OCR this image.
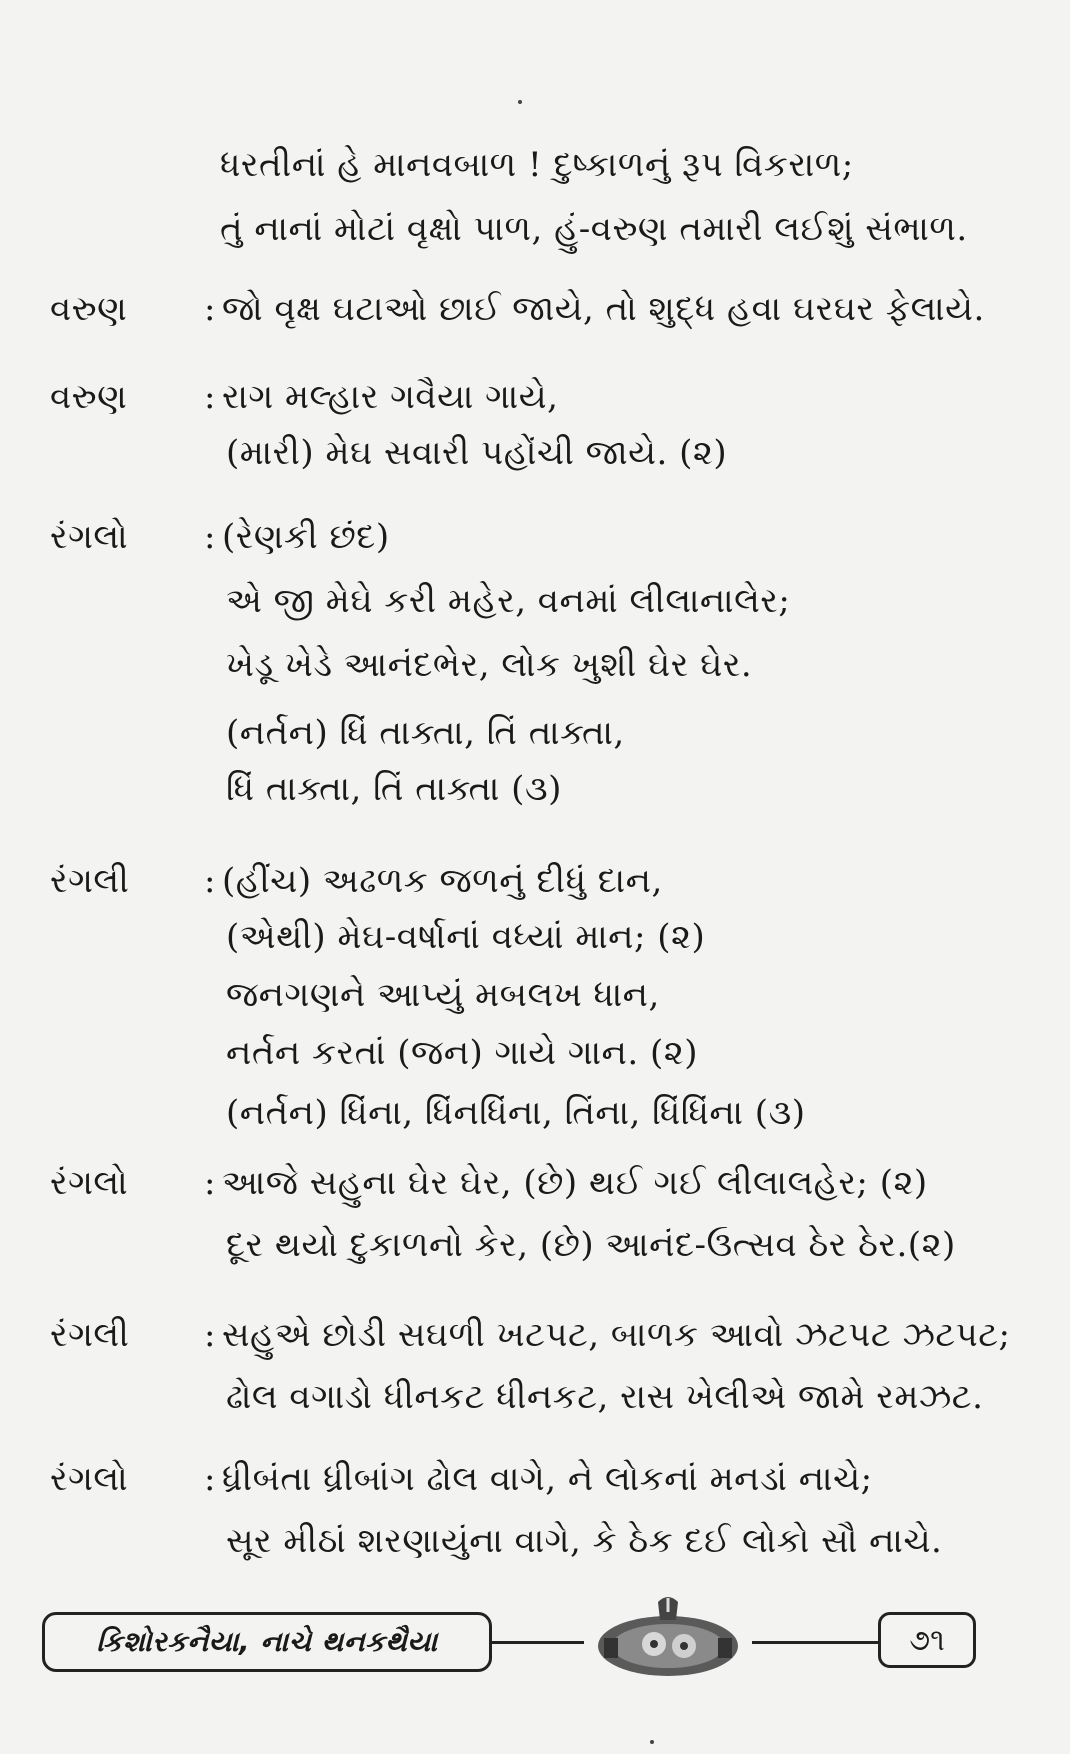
ધરતીનાં હે માનવબાળ ! દુષ્કાળનું રૂપ વિકરાળ;
તું નાનાં મોટાં વૃક્ષો પાળ, હું-વરુણ તમારી લઈશું સંભાળ.
વરુણ : જો વૃક્ષ ઘટાઓ છાઈ જાયે, તો શુદ્ધ હવા ઘરઘર ફેલાયે.
વરુણ : રાગ મલ્હાર ગવૈયા ગાયે,
(મારી) મેઘ સવારી પહોંચી જાયે. (૨)
રંગલો : (રેણકી છંદ)
એ જી મેઘે કરી મહેર, વનમાં લીલાનાલેર;
ખેડૂ ખેડે આનંદભેર, લોક ખુશી ઘેર ઘેર.
(નર્તન) ધિં તાક્તા, તિં તાક્તા,
ધિં તાક્તા, તિં તાક્તા (૩)
રંગલી : (હીંચ) અઢળક જળનું દીધું દાન,
(એથી) મેઘ-વર્ષાનાં વધ્યાં માન; (૨)
જનગણને આપ્યું મબલખ ધાન,
નર્તન કરતાં (જન) ગાયે ગાન. (૨)
(નર્તન) ધિંના, ધિંનધિંના, તિંના, ધિંધિંના (૩)
રંગલો : આજે સહુના ઘેર ઘેર, (છે) થઈ ગઈ લીલાલહેર; (૨)
દૂર થયો દુકાળનો કેર, (છે) આનંદ-ઉત્સવ ઠેર ઠેર.(૨)
રંગલી : સહુએ છોડી સઘળી ખટપટ, બાળક આવો ઝટપટ ઝટપટ;
ઢોલ વગાડો ધીનકટ ધીનકટ, રાસ ખેલીએ જામે રમઝટ.
રંગલો : ધ્રીબંતા ધ્રીબાંગ ઢોલ વાગે, ને લોકનાં મનડાં નાચે;
સૂર મીઠાં શરણાયુંના વાગે, કે ઠેક દઈ લોકો સૌ નાચે.
કિશોરકનૈયા, નાચે થનકથૈયા	૭૧
